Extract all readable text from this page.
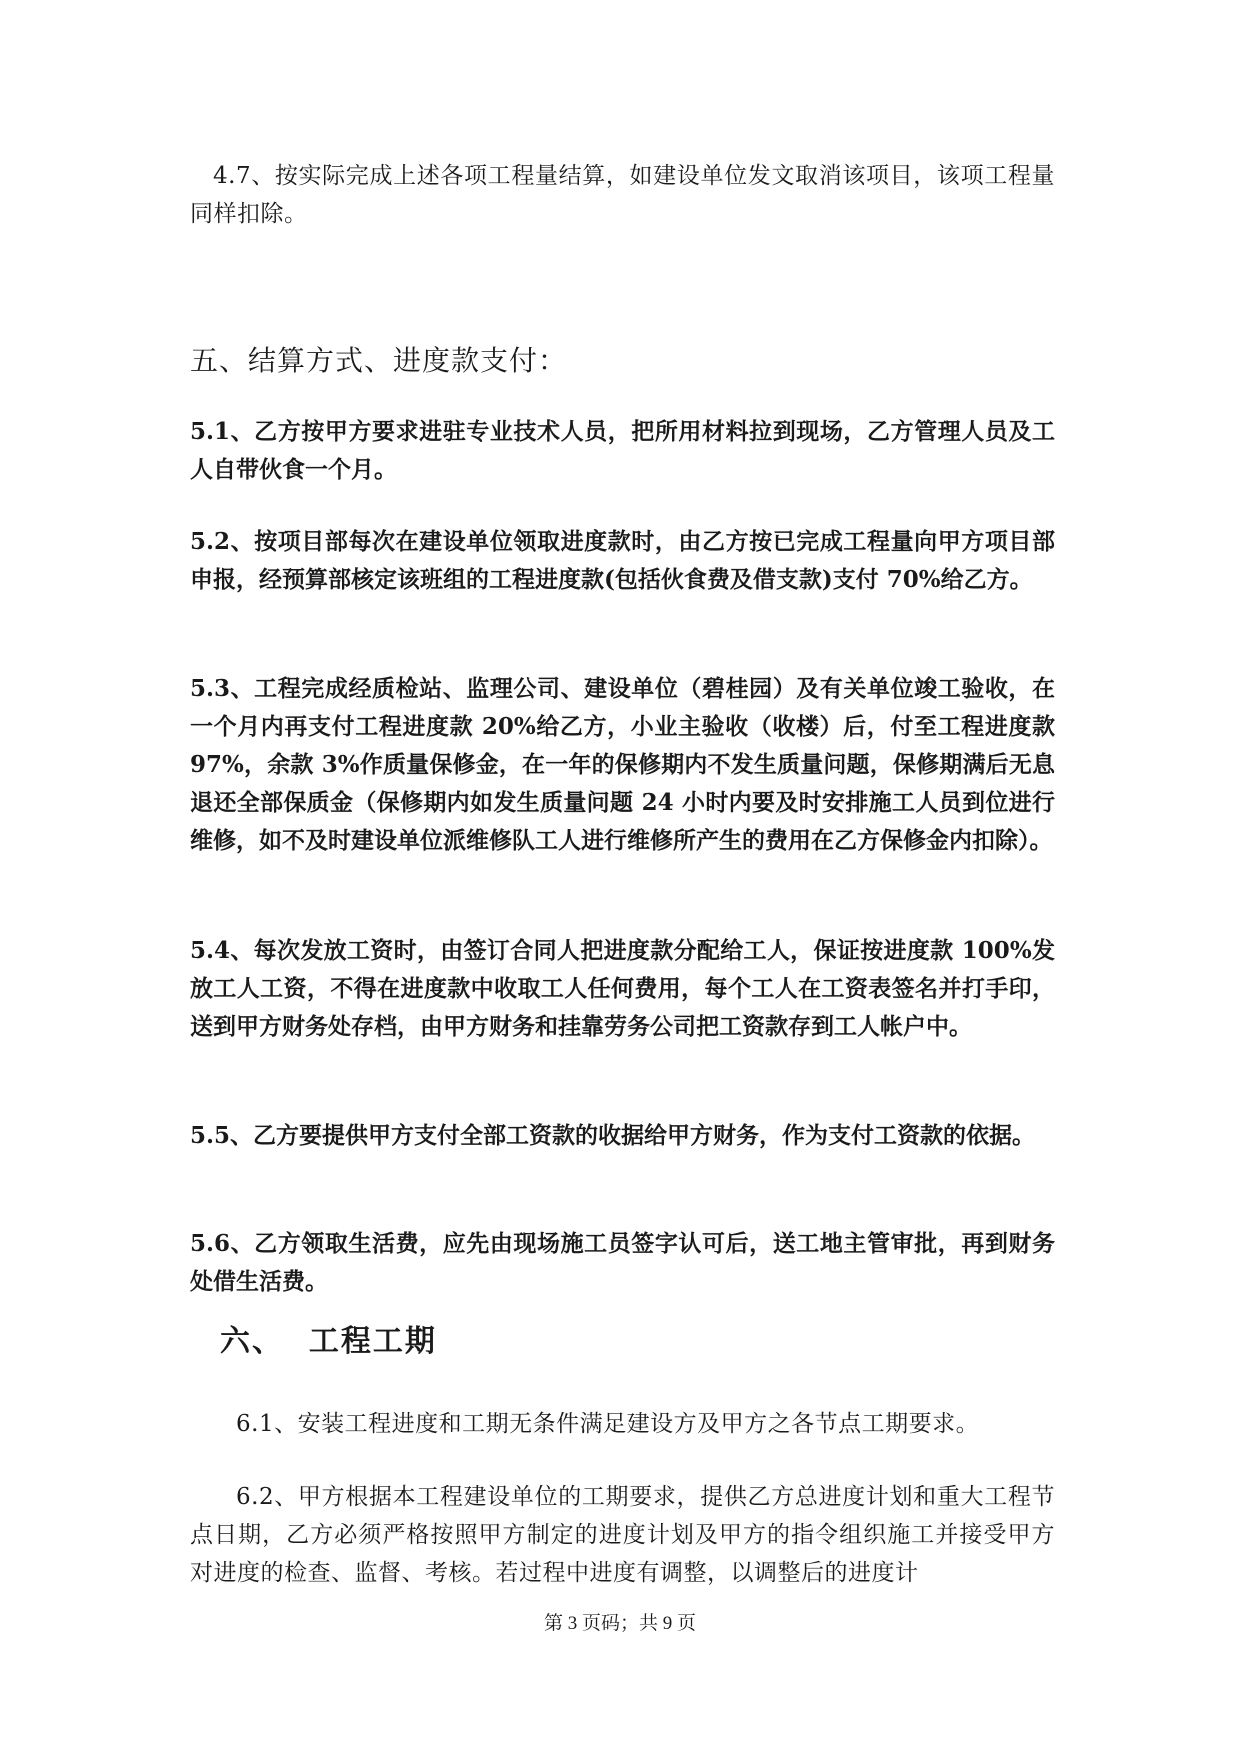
4.7、按实际完成上述各项工程量结算，如建设单位发文取消该项目，该项工程量同样扣除。

五、结算方式、进度款支付：

5.1、乙方按甲方要求进驻专业技术人员，把所用材料拉到现场，乙方管理人员及工人自带伙食一个月。

5.2、按项目部每次在建设单位领取进度款时，由乙方按已完成工程量向甲方项目部申报，经预算部核定该班组的工程进度款(包括伙食费及借支款)支付 70%给乙方。

5.3、工程完成经质检站、监理公司、建设单位（碧桂园）及有关单位竣工验收，在一个月内再支付工程进度款 20%给乙方，小业主验收（收楼）后，付至工程进度款 97%，余款 3%作质量保修金，在一年的保修期内不发生质量问题，保修期满后无息退还全部保质金（保修期内如发生质量问题 24 小时内要及时安排施工人员到位进行维修，如不及时建设单位派维修队工人进行维修所产生的费用在乙方保修金内扣除）。

5.4、每次发放工资时，由签订合同人把进度款分配给工人，保证按进度款 100%发放工人工资，不得在进度款中收取工人任何费用，每个工人在工资表签名并打手印，送到甲方财务处存档，由甲方财务和挂靠劳务公司把工资款存到工人帐户中。

5.5、乙方要提供甲方支付全部工资款的收据给甲方财务，作为支付工资款的依据。

5.6、乙方领取生活费，应先由现场施工员签字认可后，送工地主管审批，再到财务处借生活费。

六、  工程工期

6.1、安装工程进度和工期无条件满足建设方及甲方之各节点工期要求。

6.2、甲方根据本工程建设单位的工期要求，提供乙方总进度计划和重大工程节点日期，乙方必须严格按照甲方制定的进度计划及甲方的指令组织施工并接受甲方对进度的检查、监督、考核。若过程中进度有调整，以调整后的进度计

第 3 页码；共 9 页
